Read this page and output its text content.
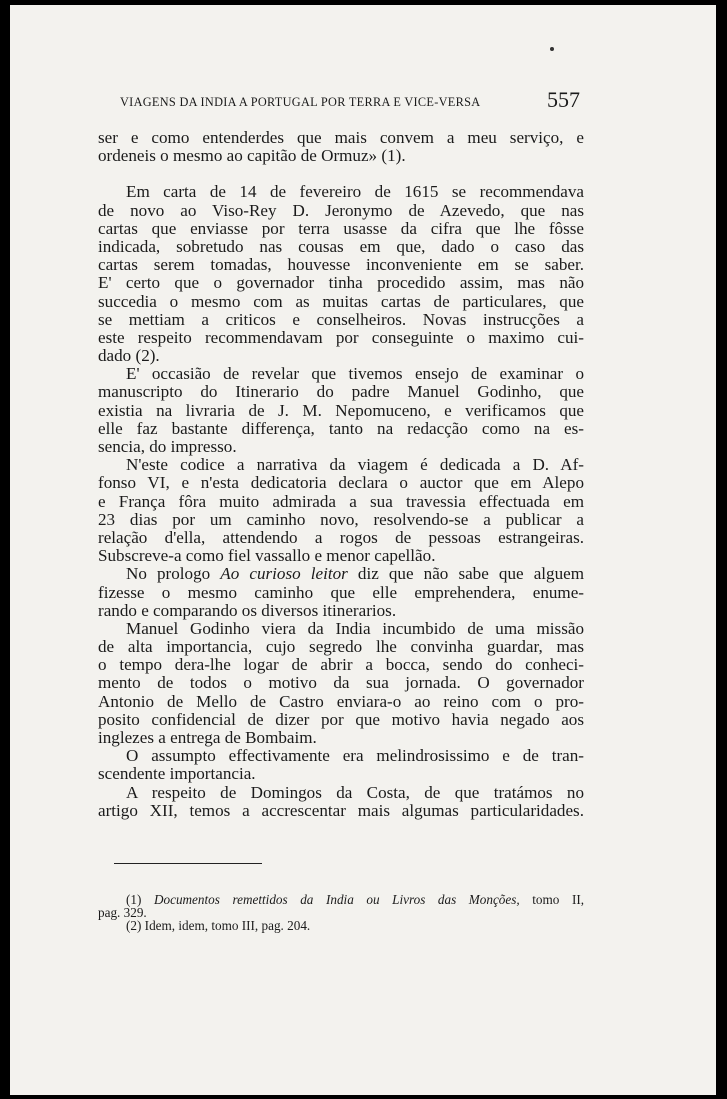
VIAGENS DA INDIA A PORTUGAL POR TERRA E VICE-VERSA	557
ser e como entenderdes que mais convem a meu serviço, e
ordeneis o mesmo ao capitão de Ormuz» (1).
Em carta de 14 de fevereiro de 1615 se recommendava
de novo ao Viso-Rey D. Jeronymo de Azevedo, que nas
cartas que enviasse por terra usasse da cifra que lhe fôsse
indicada, sobretudo nas cousas em que, dado o caso das
cartas serem tomadas, houvesse inconveniente em se saber.
E' certo que o governador tinha procedido assim, mas não
succedia o mesmo com as muitas cartas de particulares, que
se mettiam a criticos e conselheiros. Novas instrucções a
este respeito recommendavam por conseguinte o maximo cui-
dado (2).
E' occasião de revelar que tivemos ensejo de examinar o
manuscripto do Itinerario do padre Manuel Godinho, que
existia na livraria de J. M. Nepomuceno, e verificamos que
elle faz bastante differença, tanto na redacção como na es-
sencia, do impresso.
N'este codice a narrativa da viagem é dedicada a D. Af-
fonso VI, e n'esta dedicatoria declara o auctor que em Alepo
e França fôra muito admirada a sua travessia effectuada em
23 dias por um caminho novo, resolvendo-se a publicar a
relação d'ella, attendendo a rogos de pessoas estrangeiras.
Subscreve-a como fiel vassallo e menor capellão.
No prologo Ao curioso leitor diz que não sabe que alguem
fizesse o mesmo caminho que elle emprehendera, enume-
rando e comparando os diversos itinerarios.
Manuel Godinho viera da India incumbido de uma missão
de alta importancia, cujo segredo lhe convinha guardar, mas
o tempo dera-lhe logar de abrir a bocca, sendo do conheci-
mento de todos o motivo da sua jornada. O governador
Antonio de Mello de Castro enviara-o ao reino com o pro-
posito confidencial de dizer por que motivo havia negado aos
inglezes a entrega de Bombaim.
O assumpto effectivamente era melindrosissimo e de tran-
scendente importancia.
A respeito de Domingos da Costa, de que tratámos no
artigo XII, temos a accrescentar mais algumas particularidades.
(1) Documentos remettidos da India ou Livros das Monções, tomo II,
pag. 329.
(2) Idem, idem, tomo III, pag. 204.
